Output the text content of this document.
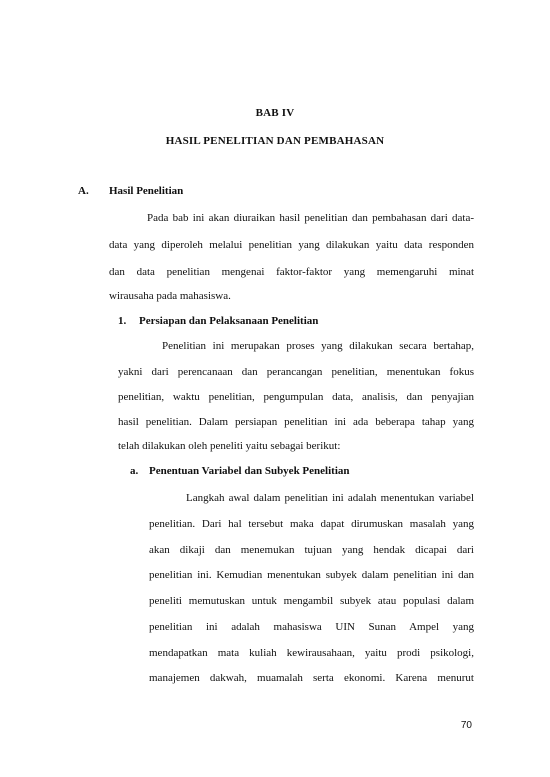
BAB IV
HASIL PENELITIAN DAN PEMBAHASAN
A. Hasil Penelitian
Pada bab ini akan diuraikan hasil penelitian dan pembahasan dari data-
data yang diperoleh melalui penelitian yang dilakukan yaitu data responden
dan data penelitian mengenai faktor-faktor yang memengaruhi minat
wirausaha pada mahasiswa.
1. Persiapan dan Pelaksanaan Penelitian
Penelitian ini merupakan proses yang dilakukan secara bertahap,
yakni dari perencanaan dan perancangan penelitian, menentukan fokus
penelitian, waktu penelitian, pengumpulan data, analisis, dan penyajian
hasil penelitian. Dalam persiapan penelitian ini ada beberapa tahap yang
telah dilakukan oleh peneliti yaitu sebagai berikut:
a. Penentuan Variabel dan Subyek Penelitian
Langkah awal dalam penelitian ini adalah menentukan variabel
penelitian. Dari hal tersebut maka dapat dirumuskan masalah yang
akan dikaji dan menemukan tujuan yang hendak dicapai dari
penelitian ini. Kemudian menentukan subyek dalam penelitian ini dan
peneliti memutuskan untuk mengambil subyek atau populasi dalam
penelitian ini adalah mahasiswa UIN Sunan Ampel yang
mendapatkan mata kuliah kewirausahaan, yaitu prodi psikologi,
manajemen dakwah, muamalah serta ekonomi. Karena menurut
70
